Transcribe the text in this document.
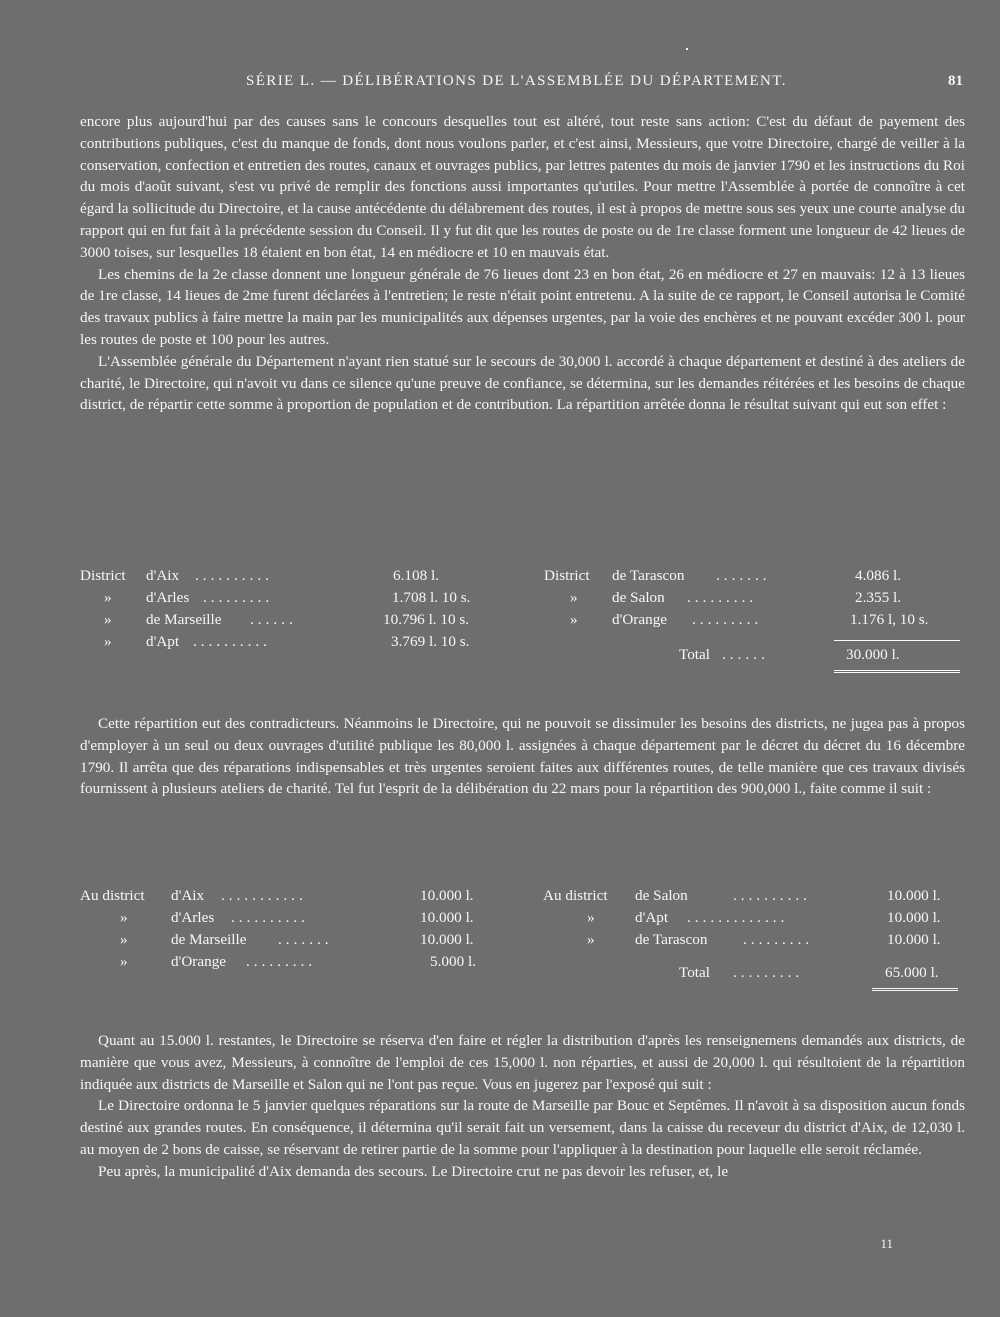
SÉRIE L. — DÉLIBÉRATIONS DE L'ASSEMBLÉE DU DÉPARTEMENT.	81

encore plus aujourd'hui par des causes sans le concours desquelles tout est altéré, tout reste sans action: C'est du défaut de payement des contributions publiques, c'est du manque de fonds, dont nous voulons parler, et c'est ainsi, Messieurs, que votre Directoire, chargé de veiller à la conservation, confection et entretien des routes, canaux et ouvrages publics, par lettres patentes du mois de janvier 1790 et les instructions du Roi du mois d'août suivant, s'est vu privé de remplir des fonctions aussi importantes qu'utiles. Pour mettre l'Assemblée à portée de connoître à cet égard la sollicitude du Directoire, et la cause antécédente du délabrement des routes, il est à propos de mettre sous ses yeux une courte analyse du rapport qui en fut fait à la précédente session du Conseil. Il y fut dit que les routes de poste ou de 1re classe forment une longueur de 42 lieues de 3000 toises, sur lesquelles 18 étaient en bon état, 14 en médiocre et 10 en mauvais état.

Les chemins de la 2e classe donnent une longueur générale de 76 lieues dont 23 en bon état, 26 en médiocre et 27 en mauvais: 12 à 13 lieues de 1re classe, 14 lieues de 2me furent déclarées à l'entretien; le reste n'était point entretenu. A la suite de ce rapport, le Conseil autorisa le Comité des travaux publics à faire mettre la main par les municipalités aux dépenses urgentes, par la voie des enchères et ne pouvant excéder 300 l. pour les routes de poste et 100 pour les autres.

L'Assemblée générale du Département n'ayant rien statué sur le secours de 30,000 l. accordé à chaque département et destiné à des ateliers de charité, le Directoire, qui n'avoit vu dans ce silence qu'une preuve de confiance, se détermina, sur les demandes réitérées et les besoins de chaque district, de répartir cette somme à proportion de population et de contribution. La répartition arrêtée donna le résultat suivant qui eut son effet :

District d'Aix ..........	6.108 l.
» d'Arles .........	1.708 l. 10 s.
» de Marseille ......	10.796 l. 10 s.
» d'Apt ..........	3.769 l. 10 s.
District de Tarascon .......	4.086 l.
» de Salon .........	2.355 l.
» d'Orange .........	1.176 l, 10 s.
Total ......	30.000 l.

Cette répartition eut des contradicteurs. Néanmoins le Directoire, qui ne pouvoit se dissimuler les besoins des districts, ne jugea pas à propos d'employer à un seul ou deux ouvrages d'utilité publique les 80,000 l. assignées à chaque département par le décret du décret du 16 décembre 1790. Il arrêta que des réparations indispensables et très urgentes seroient faites aux différentes routes, de telle manière que ces travaux divisés fournissent à plusieurs ateliers de charité. Tel fut l'esprit de la délibération du 22 mars pour la répartition des 900,000 l., faite comme il suit :

Au district d'Aix ...........	10.000 l.
»	d'Arles ..........	10.000 l.
»	de Marseille .......	10.000 l.
»	d'Orange .........	5.000 l.
Au district de Salon	..........	10.000 l.
»	d'Apt .............	10.000 l.
»	de Tarascon .........	10.000 l.
Total .........	65.000 l.

Quant au 15.000 l. restantes, le Directoire se réserva d'en faire et régler la distribution d'après les renseignemens demandés aux districts, de manière que vous avez, Messieurs, à connoître de l'emploi de ces 15,000 l. non réparties, et aussi de 20,000 l. qui résultoient de la répartition indiquée aux districts de Marseille et Salon qui ne l'ont pas reçue. Vous en jugerez par l'exposé qui suit :

Le Directoire ordonna le 5 janvier quelques réparations sur la route de Marseille par Bouc et Septêmes. Il n'avoit à sa disposition aucun fonds destiné aux grandes routes. En conséquence, il détermina qu'il serait fait un versement, dans la caisse du receveur du district d'Aix, de 12,030 l. au moyen de 2 bons de caisse, se réservant de retirer partie de la somme pour l'appliquer à la destination pour laquelle elle seroit réclamée.

Peu après, la municipalité d'Aix demanda des secours. Le Directoire crut ne pas devoir les refuser, et, le

11
